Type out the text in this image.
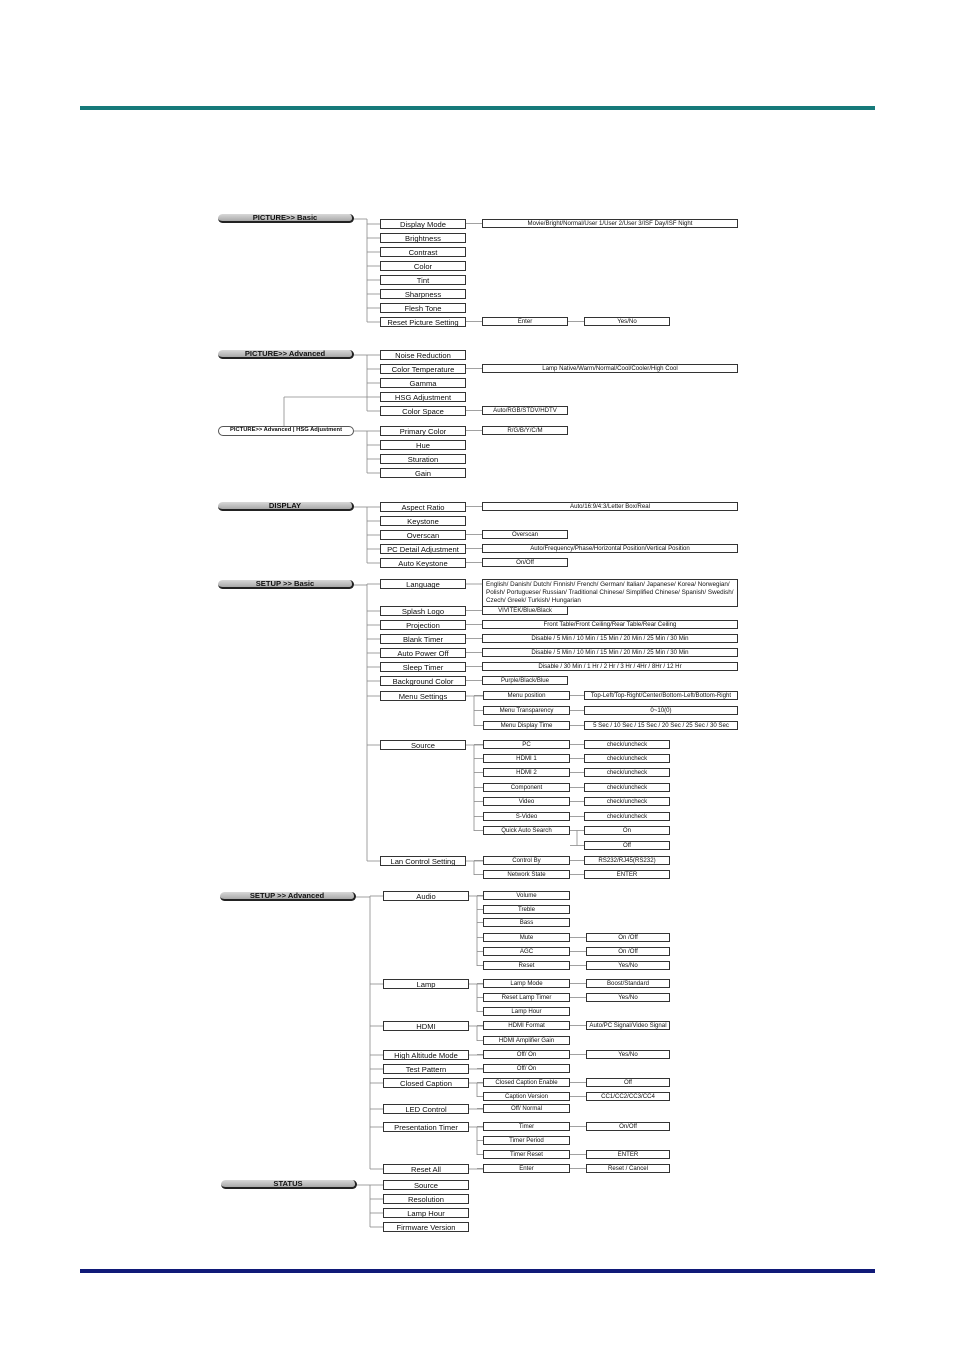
PICTURE>> Basic
Display Mode	Movie/Bright/Normal/User 1/User 2/User 3/ISF Day/ISF Night
Brightness
Contrast
Color
Tint
Sharpness
Flesh Tone
Reset Picture Setting	Enter	Yes/No
PICTURE>> Advanced	Noise Reduction
Color Temperature	Lamp Native/Warm/Normal/Cool/Cooler/High Cool
Gamma
HSG Adjustment
Color Space	Auto/RGB/STDV/HDTV
PICTURE>> Advanced | HSG Adjustment	Primary Color	R/G/B/Y/C/M
Hue
Sturation
Gain
DISPLAY	Aspect Ratio	Auto/16:9/4:3/Letter Box/Real
Keystone
Overscan	Overscan
PC Detail Adjustment	Auto/Frequency/Phase/Horizontal Position/Vertical Position
Auto Keystone	On/Off
SETUP >> Basic	Language	English/ Danish/ Dutch/ Finnish/ French/ German/ Italian/ Japanese/ Korea/ Norwegian/ Polish/ Portuguese/ Russian/ Traditional Chinese/ Simplified Chinese/ Spanish/ Swedish/ Czech/ Greek/ Turkish/ Hungarian
Splash Logo	VIVITEK/Blue/Black
Projection	Front Table/Front Ceiling/Rear Table/Rear Ceiling
Blank Timer	Disable / 5 Min / 10 Min / 15 Min / 20 Min / 25 Min / 30 Min
Auto Power Off	Disable / 5 Min / 10 Min / 15 Min / 20 Min / 25 Min / 30 Min
Sleep Timer	Disable / 30 Min / 1 Hr / 2 Hr / 3 Hr / 4Hr / 8Hr / 12 Hr
Background Color	Purple/Black/Blue
Menu Settings	Menu position	Top-Left/Top-Right/Center/Bottom-Left/Bottom-Right
Menu Transparency	0~10(0)
Menu Display Time	5 Sec / 10 Sec / 15 Sec / 20 Sec / 25 Sec / 30 Sec
Source	PC	check/uncheck
HDMI 1	check/uncheck
HDMI 2	check/uncheck
Component	check/uncheck
Video	check/uncheck
S-Video	check/uncheck
Quick Auto Search	On
Off
Lan Control Setting	Control By	RS232/RJ45(RS232)
Network State	ENTER
SETUP >> Advanced	Audio	Volume
Treble
Bass
Mute	On /Off
AGC	On /Off
Reset	Yes/No
Lamp	Lamp Mode	Boost/Standard
Reset Lamp Timer	Yes/No
Lamp Hour
HDMI	HDMI Format	Auto/PC Signal/Video Signal
HDMI Amplifier Gain
High Altitude Mode	Off/ On	Yes/No
Test Pattern	Off/ On
Closed Caption	Closed Caption Enable	Off
Caption Version	CC1/CC2/CC3/CC4
LED Control	Off/ Normal
Presentation Timer	Timer	On/Off
Timer Period
Timer Reset	ENTER
Reset All	Enter	Reset / Cancel
STATUS	Source
Resolution
Lamp Hour
Firmware Version
